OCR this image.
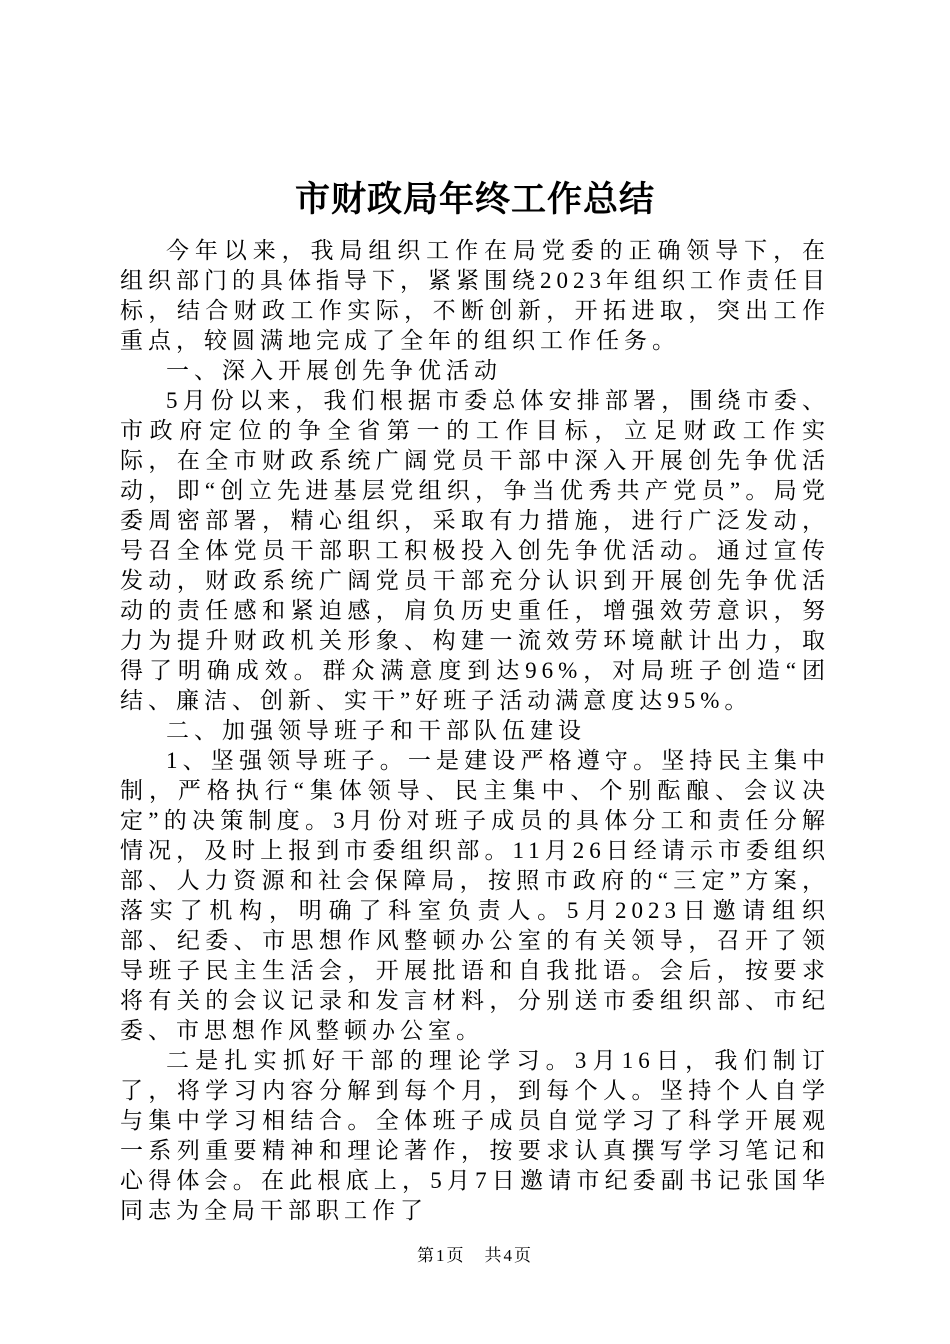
市财政局年终工作总结

今年以来，我局组织工作在局党委的正确领导下，在组织部门的具体指导下，紧紧围绕2023年组织工作责任目标，结合财政工作实际，不断创新，开拓进取，突出工作重点，较圆满地完成了全年的组织工作任务。

一、深入开展创先争优活动

5月份以来，我们根据市委总体安排部署，围绕市委、市政府定位的争全省第一的工作目标，立足财政工作实际，在全市财政系统广阔党员干部中深入开展创先争优活动，即“创立先进基层党组织，争当优秀共产党员”。局党委周密部署，精心组织，采取有力措施，进行广泛发动，号召全体党员干部职工积极投入创先争优活动。通过宣传发动，财政系统广阔党员干部充分认识到开展创先争优活动的责任感和紧迫感，肩负历史重任，增强效劳意识，努力为提升财政机关形象、构建一流效劳环境献计出力，取得了明确成效。群众满意度到达96%，对局班子创造“团结、廉洁、创新、实干”好班子活动满意度达95%。

二、加强领导班子和干部队伍建设

1、坚强领导班子。一是建设严格遵守。坚持民主集中制，严格执行“集体领导、民主集中、个别酝酿、会议决定”的决策制度。3月份对班子成员的具体分工和责任分解情况，及时上报到市委组织部。11月26日经请示市委组织部、人力资源和社会保障局，按照市政府的“三定”方案，落实了机构，明确了科室负责人。5月2023日邀请组织部、纪委、市思想作风整顿办公室的有关领导，召开了领导班子民主生活会，开展批语和自我批语。会后，按要求将有关的会议记录和发言材料，分别送市委组织部、市纪委、市思想作风整顿办公室。

二是扎实抓好干部的理论学习。3月16日，我们制订了，将学习内容分解到每个月，到每个人。坚持个人自学与集中学习相结合。全体班子成员自觉学习了科学开展观一系列重要精神和理论著作，按要求认真撰写学习笔记和心得体会。在此根底上，5月7日邀请市纪委副书记张国华同志为全局干部职工作了

第1页　共4页
